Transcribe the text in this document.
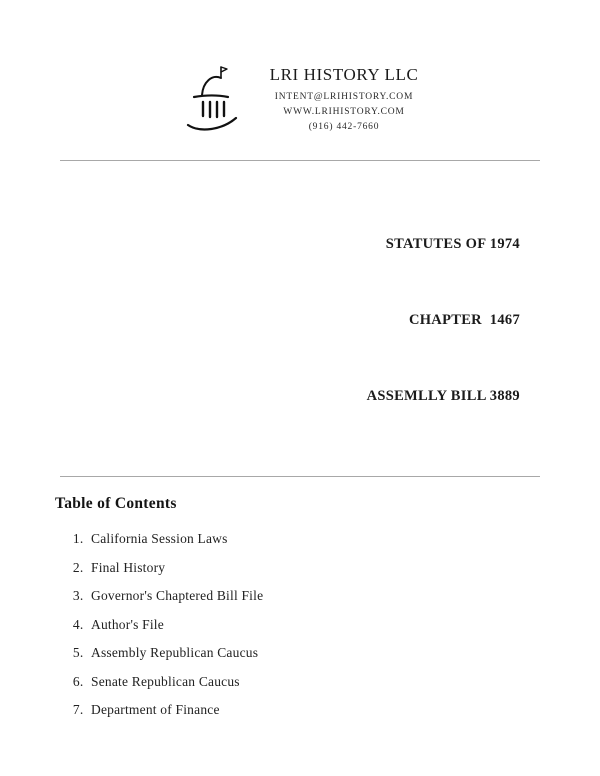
LRI HISTORY LLC
INTENT@LRIHISTORY.COM
WWW.LRIHISTORY.COM
(916) 442-7660

STATUTES OF 1974

CHAPTER  1467

ASSEMLLY BILL 3889

Table of Contents
1. California Session Laws
2. Final History
3. Governor's Chaptered Bill File
4. Author's File
5. Assembly Republican Caucus
6. Senate Republican Caucus
7. Department of Finance
